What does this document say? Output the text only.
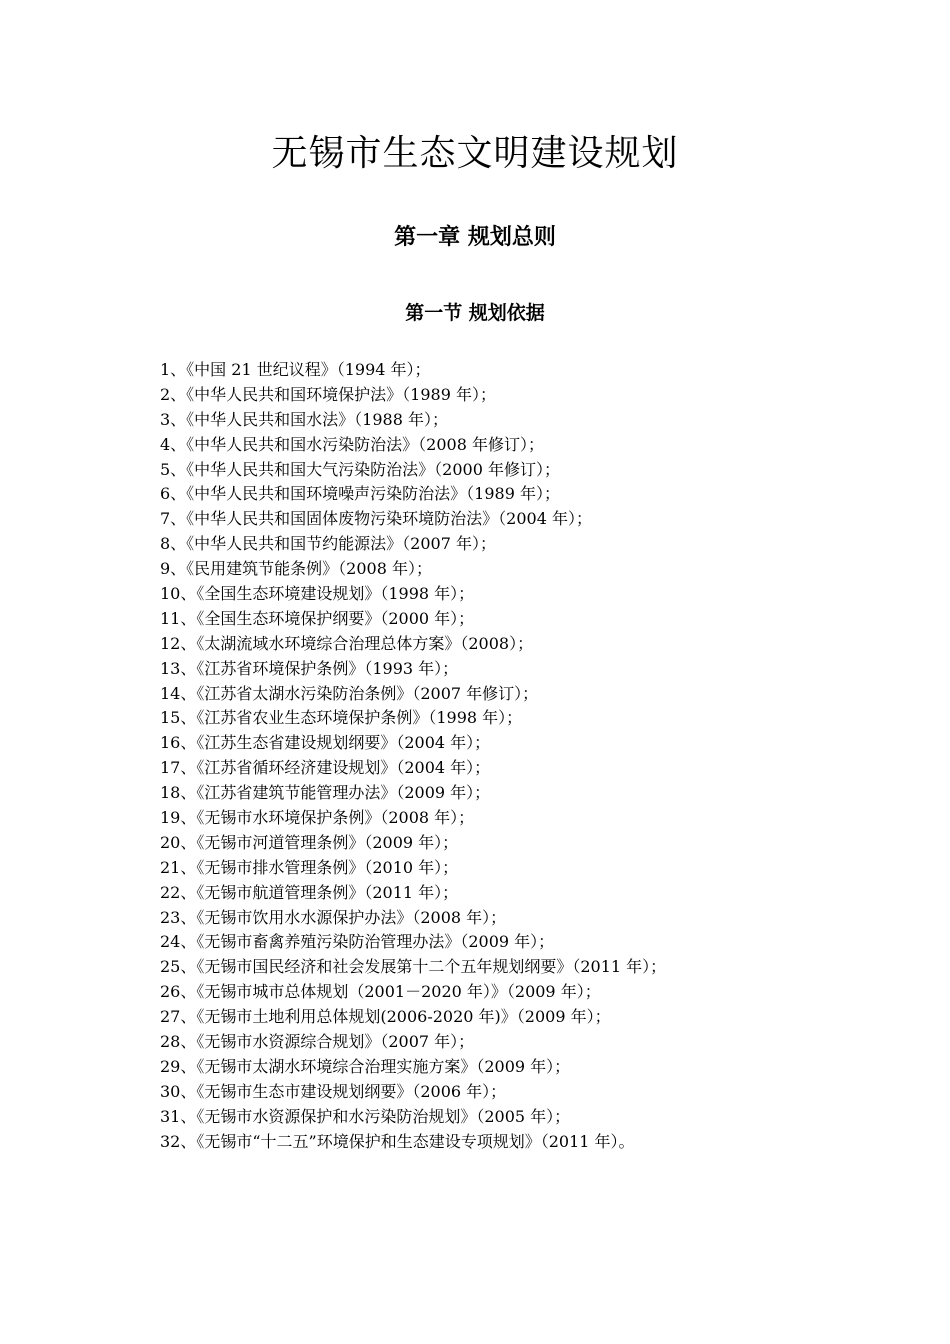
无锡市生态文明建设规划
第一章 规划总则
第一节 规划依据
1、《中国 21 世纪议程》（1994 年）；
2、《中华人民共和国环境保护法》（1989 年）；
3、《中华人民共和国水法》（1988 年）；
4、《中华人民共和国水污染防治法》（2008 年修订）；
5、《中华人民共和国大气污染防治法》（2000 年修订）；
6、《中华人民共和国环境噪声污染防治法》（1989 年）；
7、《中华人民共和国固体废物污染环境防治法》（2004 年）；
8、《中华人民共和国节约能源法》（2007 年）；
9、《民用建筑节能条例》（2008 年）；
10、《全国生态环境建设规划》（1998 年）；
11、《全国生态环境保护纲要》（2000 年）；
12、《太湖流域水环境综合治理总体方案》（2008）；
13、《江苏省环境保护条例》（1993 年）；
14、《江苏省太湖水污染防治条例》（2007 年修订）；
15、《江苏省农业生态环境保护条例》（1998 年）；
16、《江苏生态省建设规划纲要》（2004 年）；
17、《江苏省循环经济建设规划》（2004 年）；
18、《江苏省建筑节能管理办法》（2009 年）；
19、《无锡市水环境保护条例》（2008 年）；
20、《无锡市河道管理条例》（2009 年）；
21、《无锡市排水管理条例》（2010 年）；
22、《无锡市航道管理条例》（2011 年）；
23、《无锡市饮用水水源保护办法》（2008 年）；
24、《无锡市畜禽养殖污染防治管理办法》（2009 年）；
25、《无锡市国民经济和社会发展第十二个五年规划纲要》（2011 年）；
26、《无锡市城市总体规划（2001－2020 年）》（2009 年）；
27、《无锡市土地利用总体规划(2006-2020 年)》（2009 年）；
28、《无锡市水资源综合规划》（2007 年）；
29、《无锡市太湖水环境综合治理实施方案》（2009 年）；
30、《无锡市生态市建设规划纲要》（2006 年）；
31、《无锡市水资源保护和水污染防治规划》（2005 年）；
32、《无锡市“十二五”环境保护和生态建设专项规划》（2011 年）。
